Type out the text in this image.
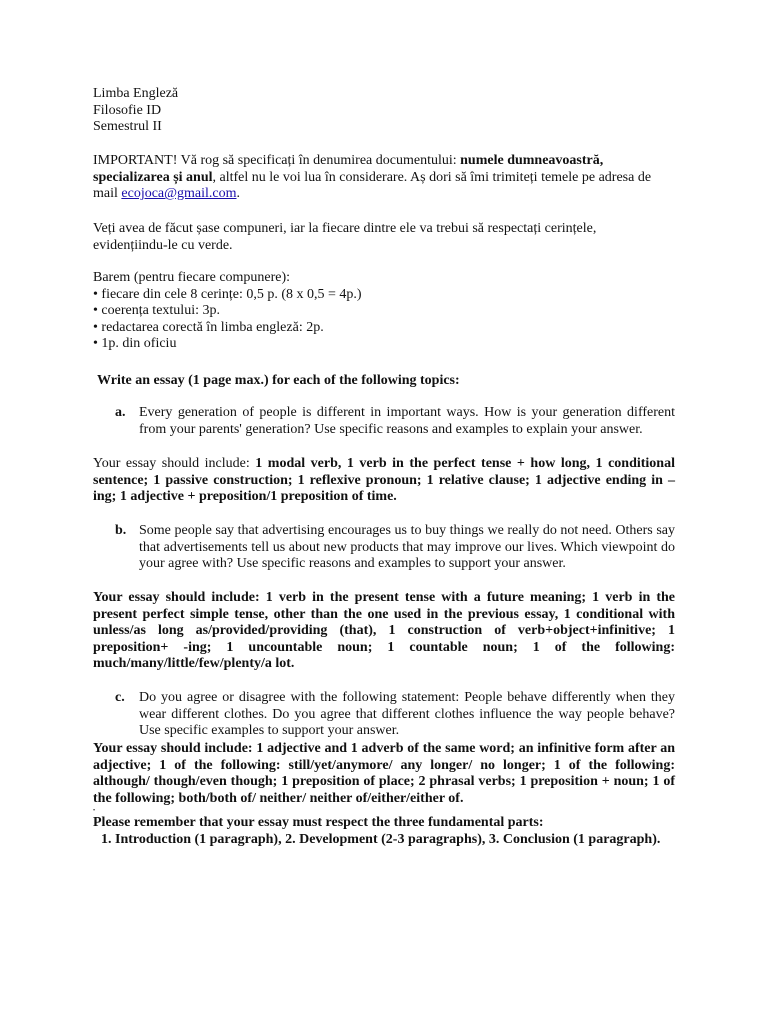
Limba Engleză
Filosofie ID
Semestrul II

IMPORTANT! Vă rog să specificați în denumirea documentului: numele dumneavoastră, specializarea și anul, altfel nu le voi lua în considerare. Aș dori să îmi trimiteți temele pe adresa de mail ecojoca@gmail.com.

Veți avea de făcut șase compuneri, iar la fiecare dintre ele va trebui să respectați cerințele, evidențiindu-le cu verde.

Barem (pentru fiecare compunere):
• fiecare din cele 8 cerințe: 0,5 p. (8 x 0,5 = 4p.)
• coerența textului: 3p.
• redactarea corectă în limba engleză: 2p.
• 1p. din oficiu

Write an essay (1 page max.) for each of the following topics:

a. Every generation of people is different in important ways. How is your generation different from your parents' generation? Use specific reasons and examples to explain your answer.

Your essay should include: 1 modal verb, 1 verb in the perfect tense + how long, 1 conditional sentence; 1 passive construction; 1 reflexive pronoun; 1 relative clause; 1 adjective ending in –ing; 1 adjective + preposition/1 preposition of time.

b. Some people say that advertising encourages us to buy things we really do not need. Others say that advertisements tell us about new products that may improve our lives. Which viewpoint do your agree with? Use specific reasons and examples to support your answer.

Your essay should include: 1 verb in the present tense with a future meaning; 1 verb in the present perfect simple tense, other than the one used in the previous essay, 1 conditional with unless/as long as/provided/providing (that), 1 construction of verb+object+infinitive; 1 preposition+ -ing; 1 uncountable noun; 1 countable noun; 1 of the following: much/many/little/few/plenty/a lot.

c. Do you agree or disagree with the following statement: People behave differently when they wear different clothes. Do you agree that different clothes influence the way people behave? Use specific examples to support your answer.

Your essay should include: 1 adjective and 1 adverb of the same word; an infinitive form after an adjective; 1 of the following: still/yet/anymore/ any longer/ no longer; 1 of the following: although/ though/even though; 1 preposition of place; 2 phrasal verbs; 1 preposition + noun; 1 of the following; both/both of/ neither/ neither of/either/either of.

•

Please remember that your essay must respect the three fundamental parts:

1. Introduction (1 paragraph), 2. Development (2-3 paragraphs), 3. Conclusion (1 paragraph).
